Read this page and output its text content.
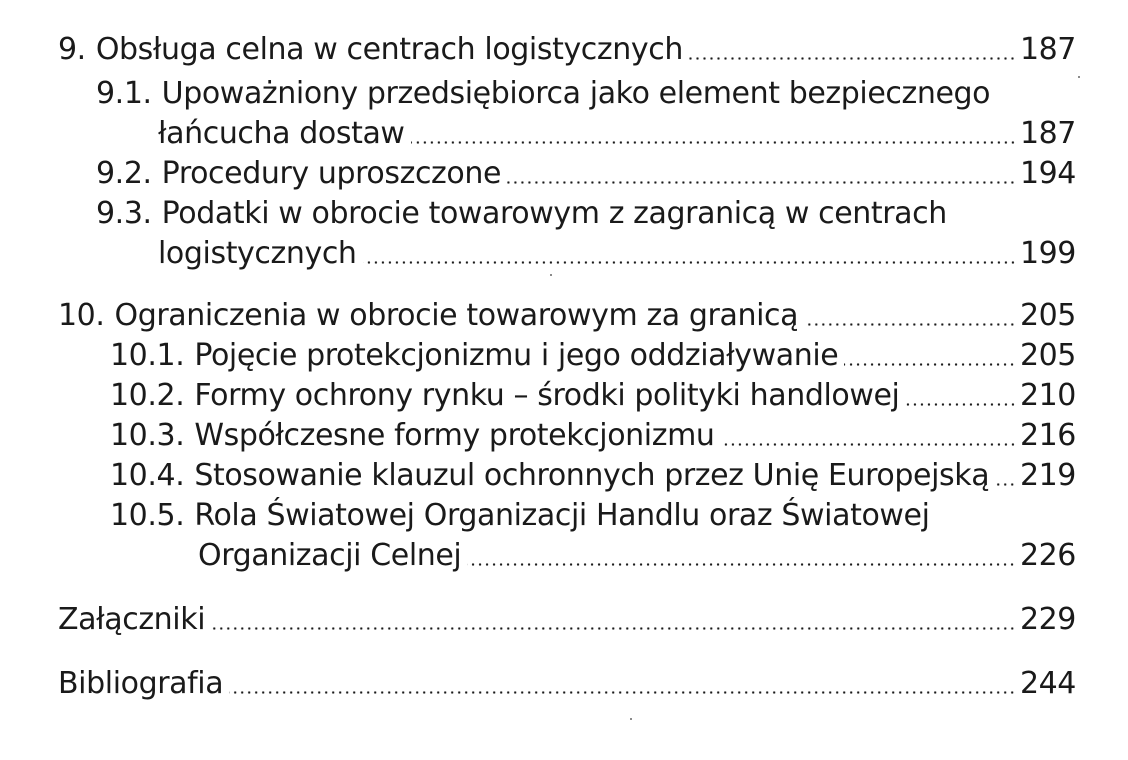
9. Obsługa celna w centrach logistycznych	187
9.1. Upoważniony przedsiębiorca jako element bezpiecznego
łańcucha dostaw	187
9.2. Procedury uproszczone	194
9.3. Podatki w obrocie towarowym z zagranicą w centrach
logistycznych	199
10. Ograniczenia w obrocie towarowym za granicą	205
10.1. Pojęcie protekcjonizmu i jego oddziaływanie	205
10.2. Formy ochrony rynku – środki polityki handlowej	210
10.3. Współczesne formy protekcjonizmu	216
10.4. Stosowanie klauzul ochronnych przez Unię Europejską 219
10.5. Rola Światowej Organizacji Handlu oraz Światowej
Organizacji Celnej	226
Załączniki	229
Bibliografia	244
